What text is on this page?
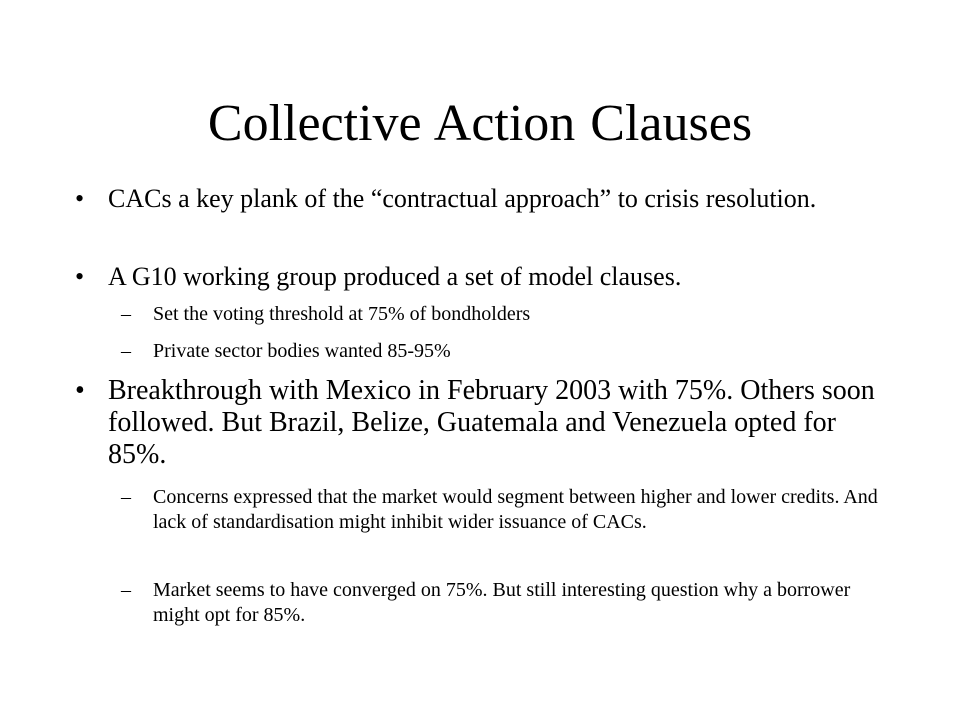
Collective Action Clauses
• CACs a key plank of the “contractual approach” to crisis resolution.
• A G10 working group produced a set of model clauses.
– Set the voting threshold at 75% of bondholders
– Private sector bodies wanted 85-95%
• Breakthrough with Mexico in February 2003 with 75%. Others soon followed. But Brazil, Belize, Guatemala and Venezuela opted for 85%.
– Concerns expressed that the market would segment between higher and lower credits. And lack of standardisation might inhibit wider issuance of CACs.
– Market seems to have converged on 75%. But still interesting question why a borrower might opt for 85%.
